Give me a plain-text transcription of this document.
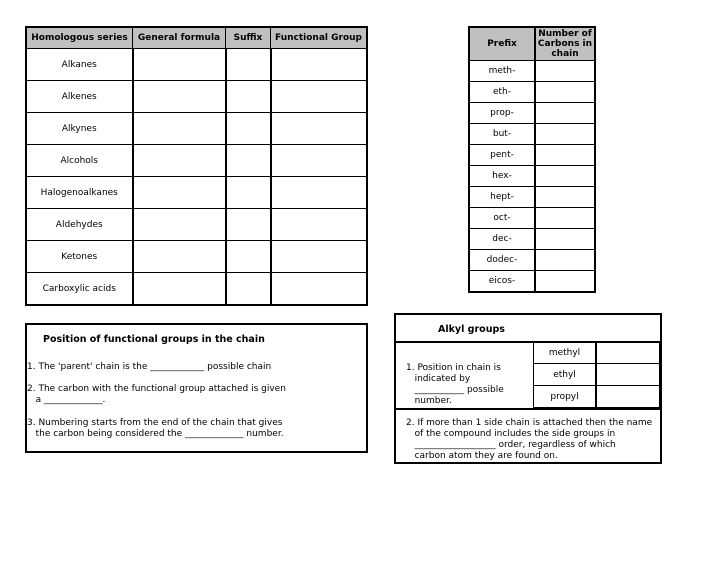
Homologous series	General formula	Suffix	Functional Group
Alkanes			
Alkenes			
Alkynes			
Alcohols			
Halogenoalkanes			
Aldehydes			
Ketones			
Carboxylic acids			
Prefix	Number of Carbons in chain
meth-	
eth-	
prop-	
but-	
pent-	
hex-	
hept-	
oct-	
dec-	
dodec-	
eicos-	
Position of functional groups in the chain
1. The 'parent' chain is the ____________ possible chain
2. The carbon with the functional group attached is given
a _____________.
3. Numbering starts from the end of the chain that gives
the carbon being considered the _____________ number.
Alkyl groups
methyl	
ethyl	
propyl	
1. Position in chain is
indicated by
___________ possible
number.
2. If more than 1 side chain is attached then the name
of the compound includes the side groups in
__________________ order, regardless of which
carbon atom they are found on.
